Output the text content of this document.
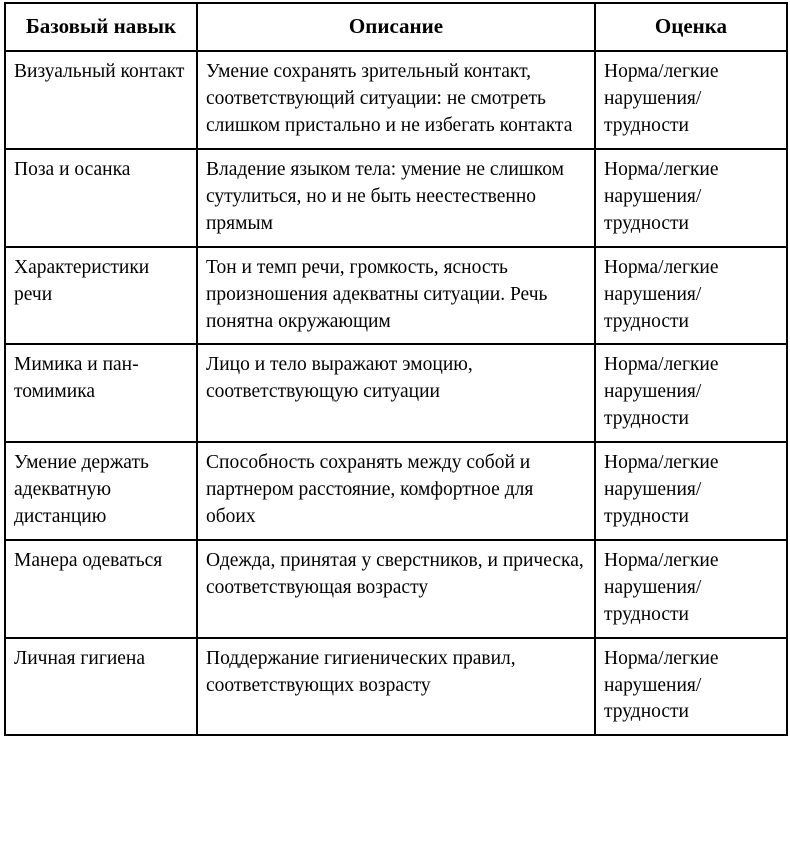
Базовый навык	Описание	Оценка
Визуальный контакт	Умение сохранять зрительный контакт, соответствующий ситуации: не смотреть слишком пристально и не избегать контакта	Норма/легкие нарушения/ трудности
Поза и осанка	Владение языком тела: умение не слишком сутулиться, но и не быть неестественно прямым	Норма/легкие нарушения/ трудности
Характеристики речи	Тон и темп речи, громкость, ясность произношения адекватны ситуации. Речь понятна окружающим	Норма/легкие нарушения/ трудности
Мимика и пантомимика	Лицо и тело выражают эмоцию, соответствующую ситуации	Норма/легкие нарушения/ трудности
Умение держать адекватную дистанцию	Способность сохранять между собой и партнером расстояние, комфортное для обоих	Норма/легкие нарушения/ трудности
Манера одеваться	Одежда, принятая у сверстников, и прическа, соответствующая возрасту	Норма/легкие нарушения/ трудности
Личная гигиена	Поддержание гигиенических правил, соответствующих возрасту	Норма/легкие нарушения/ трудности
